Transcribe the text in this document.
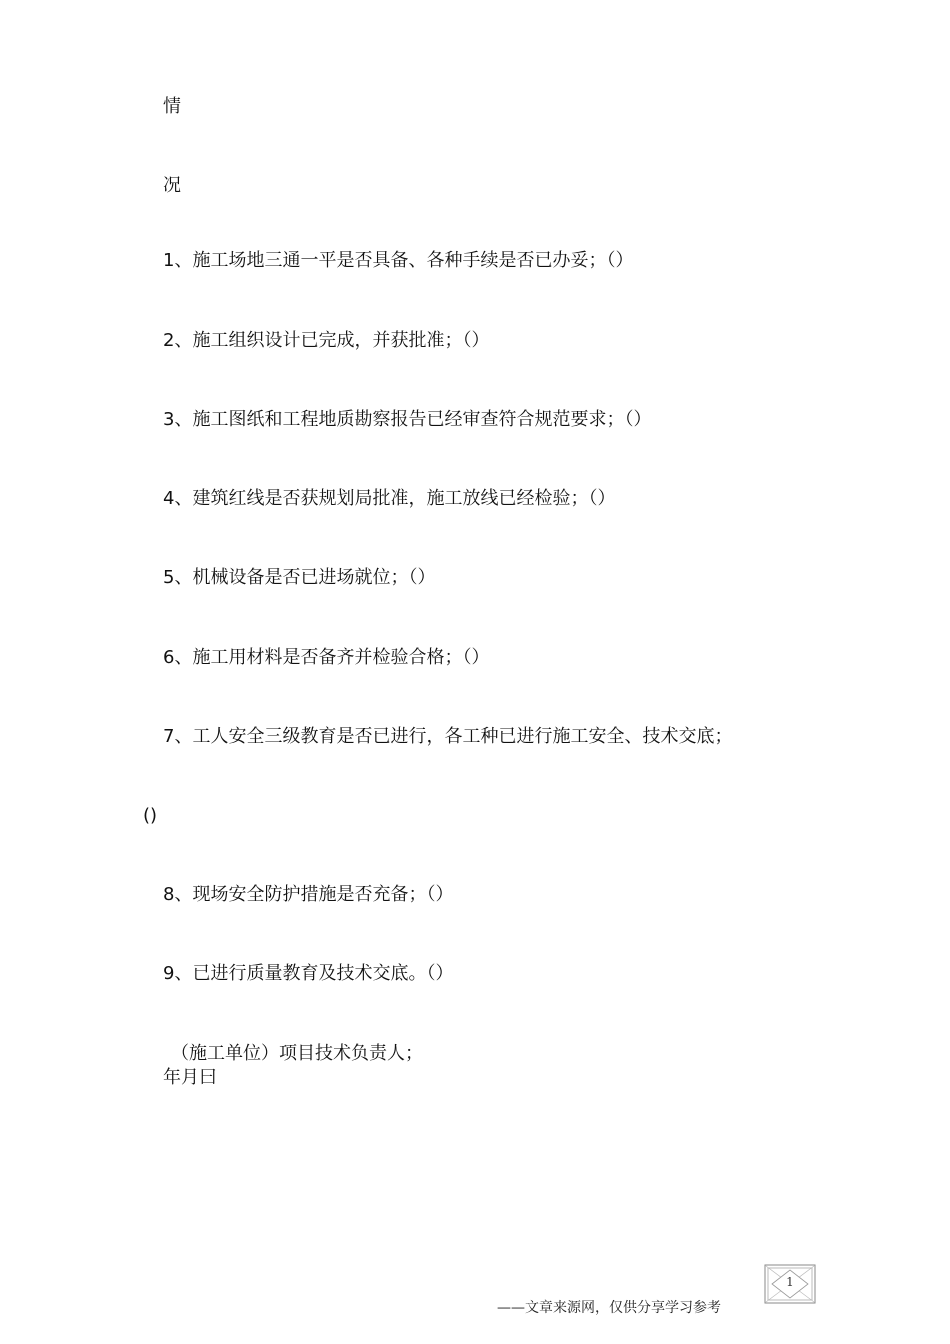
情
况
1、施工场地三通一平是否具备、各种手续是否已办妥；（）
2、施工组织设计已完成，并获批准；（）
3、施工图纸和工程地质勘察报告已经审查符合规范要求；（）
4、建筑红线是否获规划局批准，施工放线已经检验；（）
5、机械设备是否已进场就位；（）
6、施工用材料是否备齐并检验合格；（）
7、工人安全三级教育是否已进行，各工种已进行施工安全、技术交底；
()
8、现场安全防护措施是否充备；（）
9、已进行质量教育及技术交底。（）
（施工单位）项目技术负责人；
年月曰
1
——文章来源网，仅供分享学习参考
